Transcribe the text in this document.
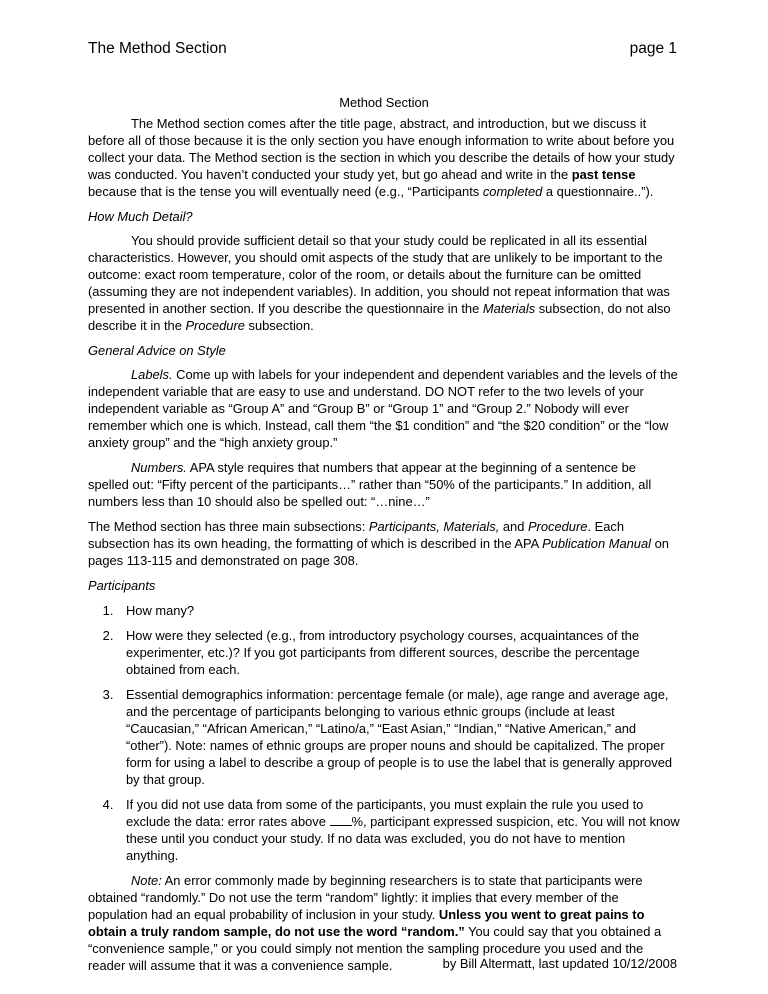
The Method Section	page 1

Method Section

The Method section comes after the title page, abstract, and introduction, but we discuss it before all of those because it is the only section you have enough information to write about before you collect your data. The Method section is the section in which you describe the details of how your study was conducted. You haven’t conducted your study yet, but go ahead and write in the past tense because that is the tense you will eventually need (e.g., “Participants completed a questionnaire..”).

How Much Detail?

You should provide sufficient detail so that your study could be replicated in all its essential characteristics. However, you should omit aspects of the study that are unlikely to be important to the outcome: exact room temperature, color of the room, or details about the furniture can be omitted (assuming they are not independent variables). In addition, you should not repeat information that was presented in another section. If you describe the questionnaire in the Materials subsection, do not also describe it in the Procedure subsection.

General Advice on Style

Labels. Come up with labels for your independent and dependent variables and the levels of the independent variable that are easy to use and understand. DO NOT refer to the two levels of your independent variable as “Group A” and “Group B” or “Group 1” and “Group 2.” Nobody will ever remember which one is which. Instead, call them “the $1 condition” and “the $20 condition” or the “low anxiety group” and the “high anxiety group.”

Numbers. APA style requires that numbers that appear at the beginning of a sentence be spelled out: “Fifty percent of the participants…” rather than “50% of the participants.” In addition, all numbers less than 10 should also be spelled out: “…nine…”

The Method section has three main subsections: Participants, Materials, and Procedure. Each subsection has its own heading, the formatting of which is described in the APA Publication Manual on pages 113-115 and demonstrated on page 308.

Participants

1. How many?
2. How were they selected (e.g., from introductory psychology courses, acquaintances of the experimenter, etc.)? If you got participants from different sources, describe the percentage obtained from each.
3. Essential demographics information: percentage female (or male), age range and average age, and the percentage of participants belonging to various ethnic groups (include at least “Caucasian,” “African American,” “Latino/a,” “East Asian,” “Indian,” “Native American,” and “other”). Note: names of ethnic groups are proper nouns and should be capitalized. The proper form for using a label to describe a group of people is to use the label that is generally approved by that group.
4. If you did not use data from some of the participants, you must explain the rule you used to exclude the data: error rates above %, participant expressed suspicion, etc. You will not know these until you conduct your study. If no data was excluded, you do not have to mention anything.

Note: An error commonly made by beginning researchers is to state that participants were obtained “randomly.” Do not use the term “random” lightly: it implies that every member of the population had an equal probability of inclusion in your study. Unless you went to great pains to obtain a truly random sample, do not use the word “random.” You could say that you obtained a “convenience sample,” or you could simply not mention the sampling procedure you used and the reader will assume that it was a convenience sample.	by Bill Altermatt, last updated 10/12/2008
